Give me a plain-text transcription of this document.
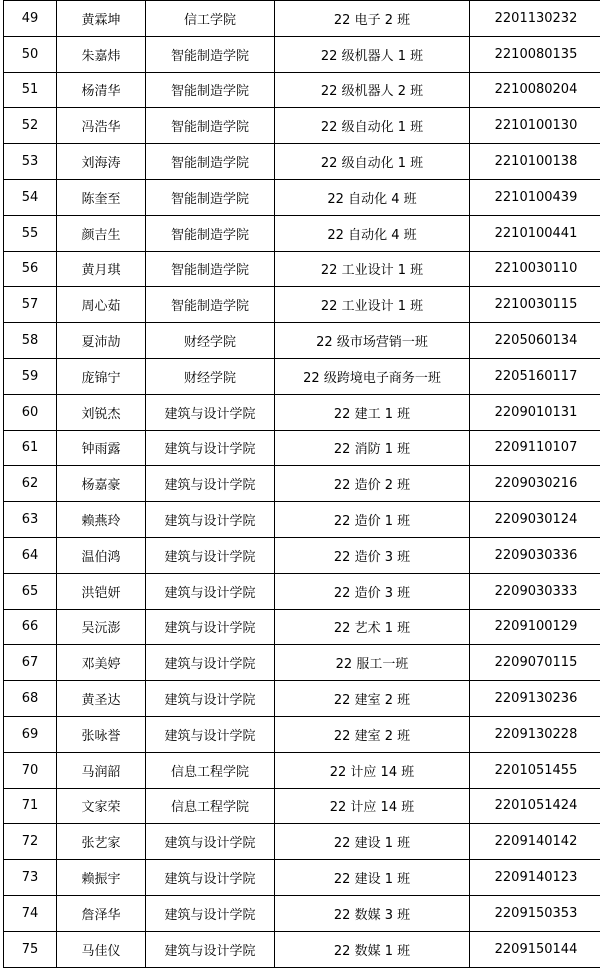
49	黄霖坤	信工学院	22 电子 2 班	2201130232
50	朱嘉炜	智能制造学院	22 级机器人 1 班	2210080135
51	杨清华	智能制造学院	22 级机器人 2 班	2210080204
52	冯浩华	智能制造学院	22 级自动化 1 班	2210100130
53	刘海涛	智能制造学院	22 级自动化 1 班	2210100138
54	陈奎至	智能制造学院	22 自动化 4 班	2210100439
55	颜吉生	智能制造学院	22 自动化 4 班	2210100441
56	黄月琪	智能制造学院	22 工业设计 1 班	2210030110
57	周心茹	智能制造学院	22 工业设计 1 班	2210030115
58	夏沛劼	财经学院	22 级市场营销一班	2205060134
59	庞锦宁	财经学院	22 级跨境电子商务一班	2205160117
60	刘锐杰	建筑与设计学院	22 建工 1 班	2209010131
61	钟雨露	建筑与设计学院	22 消防 1 班	2209110107
62	杨嘉豪	建筑与设计学院	22 造价 2 班	2209030216
63	赖燕玲	建筑与设计学院	22 造价 1 班	2209030124
64	温伯鸿	建筑与设计学院	22 造价 3 班	2209030336
65	洪铠妍	建筑与设计学院	22 造价 3 班	2209030333
66	吴沅澎	建筑与设计学院	22 艺术 1 班	2209100129
67	邓美婷	建筑与设计学院	22 服工一班	2209070115
68	黄圣达	建筑与设计学院	22 建室 2 班	2209130236
69	张咏誉	建筑与设计学院	22 建室 2 班	2209130228
70	马润韶	信息工程学院	22 计应 14 班	2201051455
71	文家荣	信息工程学院	22 计应 14 班	2201051424
72	张艺家	建筑与设计学院	22 建设 1 班	2209140142
73	赖振宇	建筑与设计学院	22 建设 1 班	2209140123
74	詹泽华	建筑与设计学院	22 数媒 3 班	2209150353
75	马佳仪	建筑与设计学院	22 数媒 1 班	2209150144
